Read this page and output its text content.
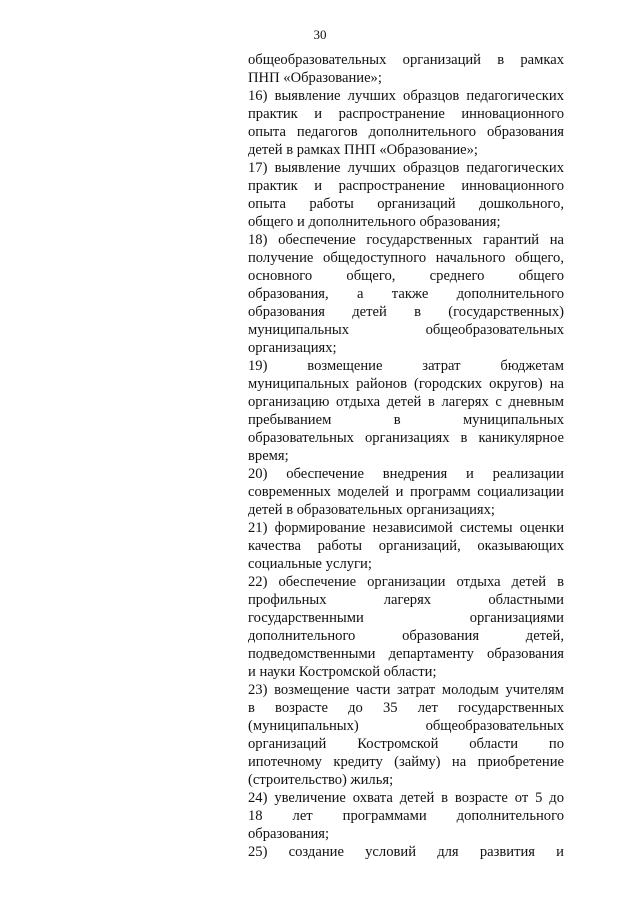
30
общеобразовательных организаций в рамках
ПНП «Образование»;
16) выявление лучших образцов педагогических
практик и распространение инновационного
опыта педагогов дополнительного образования
детей в рамках ПНП «Образование»;
17) выявление лучших образцов педагогических
практик и распространение инновационного
опыта работы организаций дошкольного,
общего и дополнительного образования;
18) обеспечение государственных гарантий на
получение общедоступного начального общего,
основного общего, среднего общего
образования, а также дополнительного
образования детей в (государственных)
муниципальных общеобразовательных
организациях;
19) возмещение затрат бюджетам
муниципальных районов (городских округов) на
организацию отдыха детей в лагерях с дневным
пребыванием в муниципальных
образовательных организациях в каникулярное
время;
20) обеспечение внедрения и реализации
современных моделей и программ социализации
детей в образовательных организациях;
21) формирование независимой системы оценки
качества работы организаций, оказывающих
социальные услуги;
22) обеспечение организации отдыха детей в
профильных лагерях областными
государственными организациями
дополнительного образования детей,
подведомственными департаменту образования
и науки Костромской области;
23) возмещение части затрат молодым учителям
в возрасте до 35 лет государственных
(муниципальных) общеобразовательных
организаций Костромской области по
ипотечному кредиту (займу) на приобретение
(строительство) жилья;
24) увеличение охвата детей в возрасте от 5 до
18 лет программами дополнительного
образования;
25) создание условий для развития и
